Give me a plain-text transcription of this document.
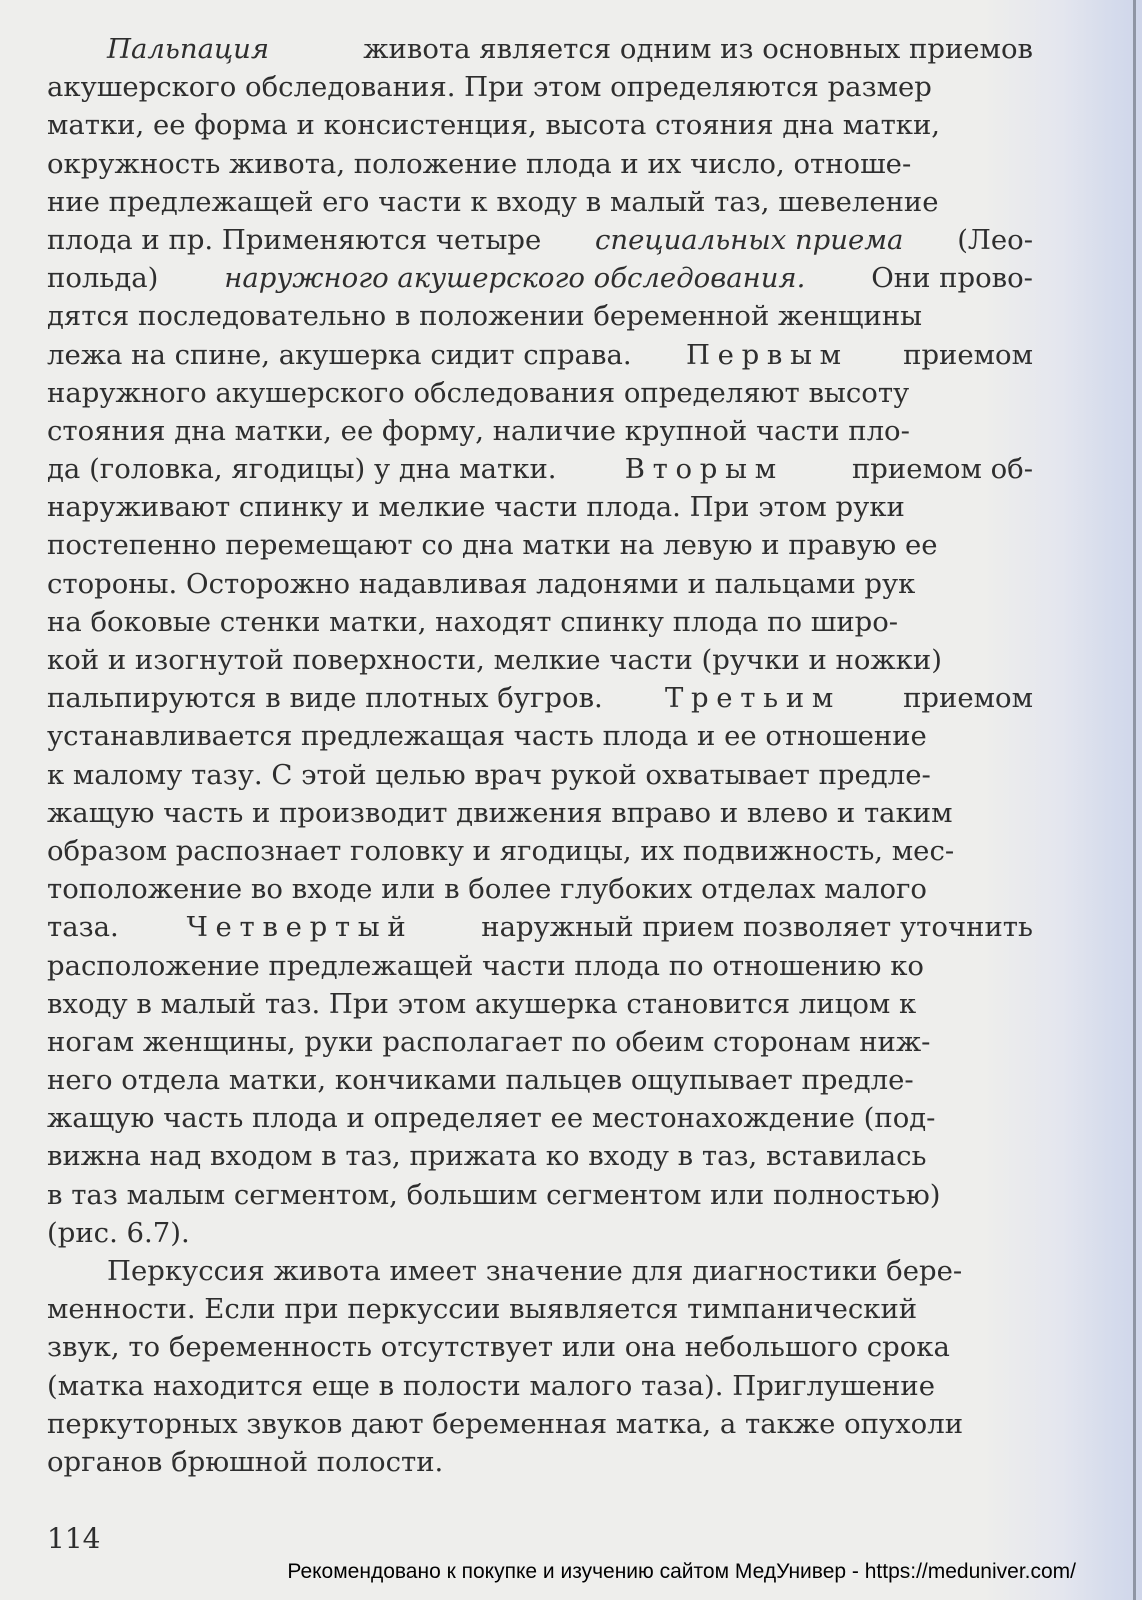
Пальпация	живота является одним из основных приемов
акушерского обследования. При этом определяются размер
матки, ее форма и консистенция, высота стояния дна матки,
окружность живота, положение плода и их число, отноше-
ние предлежащей его части к входу в малый таз, шевеление
плода и пр. Применяются четыре специальных приема (Лео-
польда) наружного акушерского обследования. Они прово-
дятся последовательно в положении беременной женщины
лежа на спине, акушерка сидит справа. Первым приемом
наружного акушерского обследования определяют высоту
стояния дна матки, ее форму, наличие крупной части пло-
да (головка, ягодицы) у дна матки. Вторым приемом об-
наруживают спинку и мелкие части плода. При этом руки
постепенно перемещают со дна матки на левую и правую ее
стороны. Осторожно надавливая ладонями и пальцами рук
на боковые стенки матки, находят спинку плода по широ-
кой и изогнутой поверхности, мелкие части (ручки и ножки)
пальпируются в виде плотных бугров. Третьим приемом
устанавливается предлежащая часть плода и ее отношение
к малому тазу. С этой целью врач рукой охватывает предле-
жащую часть и производит движения вправо и влево и таким
образом распознает головку и ягодицы, их подвижность, мес-
тоположение во входе или в более глубоких отделах малого
таза. Четвертый наружный прием позволяет уточнить
расположение предлежащей части плода по отношению ко
входу в малый таз. При этом акушерка становится лицом к
ногам женщины, руки располагает по обеим сторонам ниж-
него отдела матки, кончиками пальцев ощупывает предле-
жащую часть плода и определяет ее местонахождение (под-
вижна над входом в таз, прижата ко входу в таз, вставилась
в таз малым сегментом, большим сегментом или полностью)
(рис. 6.7).
Перкуссия живота имеет значение для диагностики бере-
менности. Если при перкуссии выявляется тимпанический
звук, то беременность отсутствует или она небольшого срока
(матка находится еще в полости малого таза). Приглушение
перкуторных звуков дают беременная матка, а также опухоли
органов брюшной полости.
114
Рекомендовано к покупке и изучению сайтом МедУнивер - https://meduniver.com/
